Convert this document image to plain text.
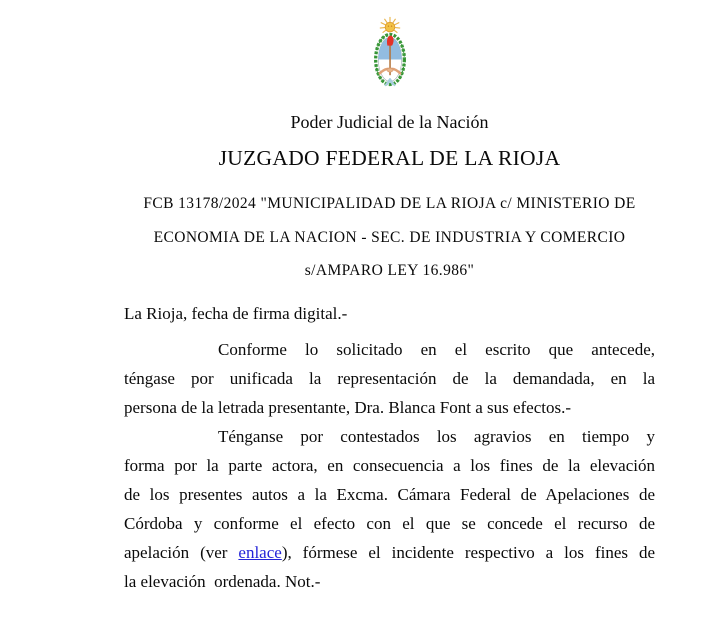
Poder Judicial de la Nación
JUZGADO FEDERAL DE LA RIOJA
FCB 13178/2024 "MUNICIPALIDAD DE LA RIOJA c/ MINISTERIO DE
ECONOMIA DE LA NACION - SEC. DE INDUSTRIA Y COMERCIO
s/AMPARO LEY 16.986"
La Rioja, fecha de firma digital.-
Conforme lo solicitado en el escrito que antecede,
téngase por unificada la representación de la demandada, en la
persona de la letrada presentante, Dra. Blanca Font a sus efectos.-
Ténganse por contestados los agravios en tiempo y
forma por la parte actora, en consecuencia a los fines de la elevación
de los presentes autos a la Excma. Cámara Federal de Apelaciones de
Córdoba y conforme el efecto con el que se concede el recurso de
apelación (ver enlace), fórmese el incidente respectivo a los fines de
la elevación  ordenada. Not.-
